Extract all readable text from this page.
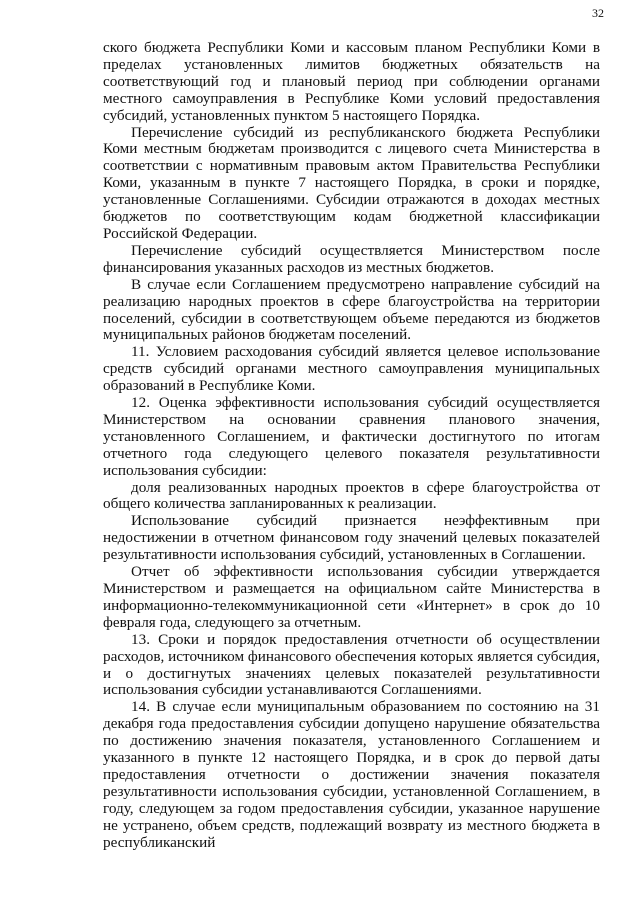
32

ского бюджета Республики Коми и кассовым планом Республики Коми в пределах установленных лимитов бюджетных обязательств на соответствующий год и плановый период при соблюдении органами местного самоуправления в Республике Коми условий предоставления субсидий, установленных пунктом 5 настоящего Порядка.

Перечисление субсидий из республиканского бюджета Республики Коми местным бюджетам производится с лицевого счета Министерства в соответствии с нормативным правовым актом Правительства Республики Коми, указанным в пункте 7 настоящего Порядка, в сроки и порядке, установленные Соглашениями. Субсидии отражаются в доходах местных бюджетов по соответствующим кодам бюджетной классификации Российской Федерации.

Перечисление субсидий осуществляется Министерством после финансирования указанных расходов из местных бюджетов.

В случае если Соглашением предусмотрено направление субсидий на реализацию народных проектов в сфере благоустройства на территории поселений, субсидии в соответствующем объеме передаются из бюджетов муниципальных районов бюджетам поселений.

11. Условием расходования субсидий является целевое использование средств субсидий органами местного самоуправления муниципальных образований в Республике Коми.

12. Оценка эффективности использования субсидий осуществляется Министерством на основании сравнения планового значения, установленного Соглашением, и фактически достигнутого по итогам отчетного года следующего целевого показателя результативности использования субсидии:

доля реализованных народных проектов в сфере благоустройства от общего количества запланированных к реализации.

Использование субсидий признается неэффективным при недостижении в отчетном финансовом году значений целевых показателей результативности использования субсидий, установленных в Соглашении.

Отчет об эффективности использования субсидии утверждается Министерством и размещается на официальном сайте Министерства в информационно-телекоммуникационной сети «Интернет» в срок до 10 февраля года, следующего за отчетным.

13. Сроки и порядок предоставления отчетности об осуществлении расходов, источником финансового обеспечения которых является субсидия, и о достигнутых значениях целевых показателей результативности использования субсидии устанавливаются Соглашениями.

14. В случае если муниципальным образованием по состоянию на 31 декабря года предоставления субсидии допущено нарушение обязательства по достижению значения показателя, установленного Соглашением и указанного в пункте 12 настоящего Порядка, и в срок до первой даты предоставления отчетности о достижении значения показателя результативности использования субсидии, установленной Соглашением, в году, следующем за годом предоставления субсидии, указанное нарушение не устранено, объем средств, подлежащий возврату из местного бюджета в республиканский
